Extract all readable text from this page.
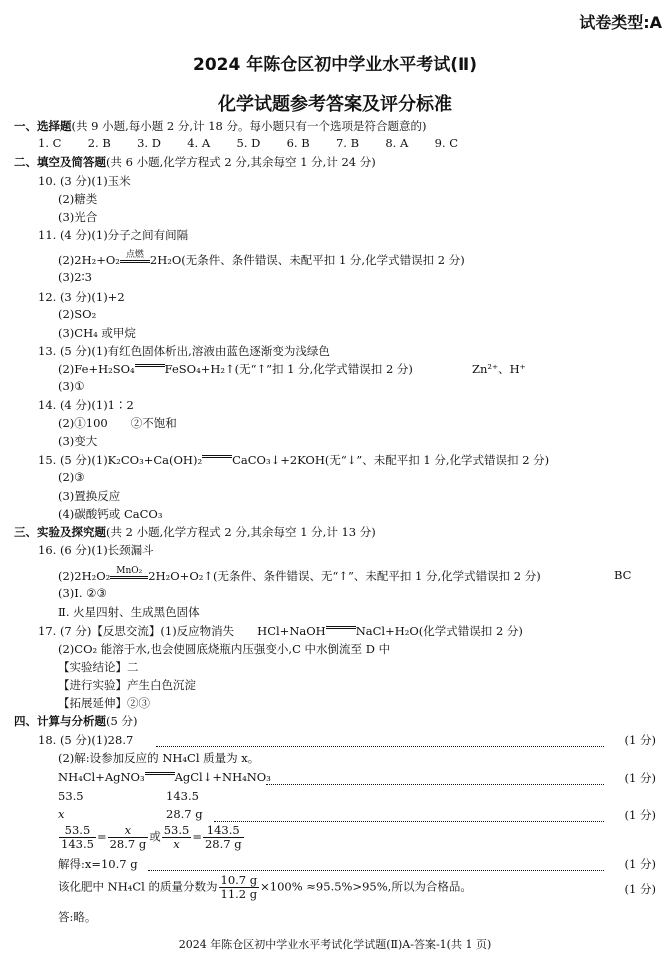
试卷类型:A
2024 年陈仓区初中学业水平考试(Ⅱ)
化学试题参考答案及评分标准
一、选择题(共 9 小题,每小题 2 分,计 18 分。每小题只有一个选项是符合题意的)
1. C 2. B 3. D 4. A 5. D 6. B 7. B 8. A 9. C
二、填空及简答题(共 6 小题,化学方程式 2 分,其余每空 1 分,计 24 分)
10. (3 分)(1)玉米
(2)糖类
(3)光合
11. (4 分)(1)分子之间有间隔
(2)2H₂+O₂ 点燃 2H₂O(无条件、条件错误、未配平扣 1 分,化学式错误扣 2 分)
(3)2∶3
12. (3 分)(1)+2
(2)SO₂
(3)CH₄ 或甲烷
13. (5 分)(1)有红色固体析出,溶液由蓝色逐渐变为浅绿色
(2)Fe+H₂SO₄	FeSO₄+H₂↑(无“↑”扣 1 分,化学式错误扣 2 分)	Zn²⁺、H⁺
(3)①
14. (4 分)(1)1∶2
(2)①100　　②不饱和
(3)变大
15. (5 分)(1)K₂CO₃+Ca(OH)₂	CaCO₃↓+2KOH(无“↓”、未配平扣 1 分,化学式错误扣 2 分)
(2)③
(3)置换反应
(4)碳酸钙或 CaCO₃
三、实验及探究题(共 2 小题,化学方程式 2 分,其余每空 1 分,计 13 分)
16. (6 分)(1)长颈漏斗
(2)2H₂O₂ MnO₂ 2H₂O+O₂↑(无条件、条件错误、无“↑”、未配平扣 1 分,化学式错误扣 2 分)	BC
(3)Ⅰ. ②③
Ⅱ. 火星四射、生成黑色固体
17. (7 分)【反思交流】(1)反应物消失　　HCl+NaOH	NaCl+H₂O(化学式错误扣 2 分)
(2)CO₂ 能溶于水,也会使圆底烧瓶内压强变小,C 中水倒流至 D 中
【实验结论】二
【进行实验】产生白色沉淀
【拓展延伸】②③
四、计算与分析题(5 分)
18. (5 分)(1)28.7	(1 分)
(2)解:设参加反应的 NH₄Cl 质量为 x。
NH₄Cl+AgNO₃	AgCl↓+NH₄NO₃	(1 分)
53.5	143.5
x	28.7 g	(1 分)
$\frac{53.5}{143.5} = \frac{x}{28.7 g}$ 或 $\frac{53.5}{x} = \frac{143.5}{28.7 g}$
解得:x=10.7 g	(1 分)
该化肥中 NH₄Cl 的质量分数为 $\frac{10.7 g}{11.2 g} \times 100\% \approx 95.5\%>95\%$,所以为合格品。	(1 分)
答:略。
2024 年陈仓区初中学业水平考试化学试题(Ⅱ)A-答案-1(共 1 页)
